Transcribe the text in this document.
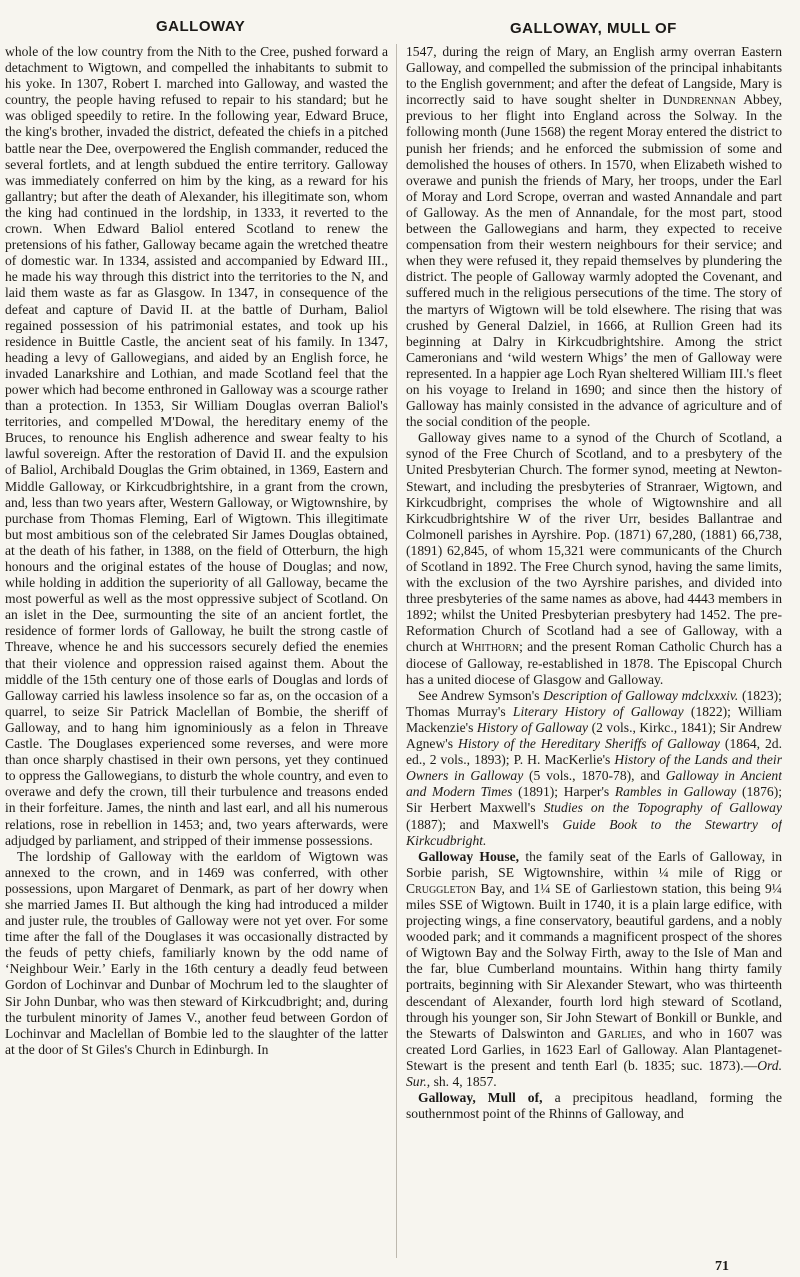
GALLOWAY	GALLOWAY, MULL OF

whole of the low country from the Nith to the Cree, pushed forward a detachment to Wigtown, and compelled the inhabitants to submit to his yoke. In 1307, Robert I. marched into Galloway, and wasted the country, the people having refused to repair to his standard; but he was obliged speedily to retire. In the following year, Edward Bruce, the king's brother, invaded the district, defeated the chiefs in a pitched battle near the Dee, overpowered the English commander, reduced the several fortlets, and at length subdued the entire territory. Galloway was immediately conferred on him by the king, as a reward for his gallantry; but after the death of Alexander, his illegitimate son, whom the king had continued in the lordship, in 1333, it reverted to the crown. When Edward Baliol entered Scotland to renew the pretensions of his father, Galloway became again the wretched theatre of domestic war. In 1334, assisted and accompanied by Edward III., he made his way through this district into the territories to the N, and laid them waste as far as Glasgow. In 1347, in consequence of the defeat and capture of David II. at the battle of Durham, Baliol regained possession of his patrimonial estates, and took up his residence in Buittle Castle, the ancient seat of his family. In 1347, heading a levy of Gallowegians, and aided by an English force, he invaded Lanarkshire and Lothian, and made Scotland feel that the power which had become enthroned in Galloway was a scourge rather than a protection. In 1353, Sir William Douglas overran Baliol's territories, and compelled M'Dowal, the hereditary enemy of the Bruces, to renounce his English adherence and swear fealty to his lawful sovereign. After the restoration of David II. and the expulsion of Baliol, Archibald Douglas the Grim obtained, in 1369, Eastern and Middle Galloway, or Kirkcudbrightshire, in a grant from the crown, and, less than two years after, Western Galloway, or Wigtownshire, by purchase from Thomas Fleming, Earl of Wigtown. This illegitimate but most ambitious son of the celebrated Sir James Douglas obtained, at the death of his father, in 1388, on the field of Otterburn, the high honours and the original estates of the house of Douglas; and now, while holding in addition the superiority of all Galloway, became the most powerful as well as the most oppressive subject of Scotland. On an islet in the Dee, surmounting the site of an ancient fortlet, the residence of former lords of Galloway, he built the strong castle of Threave, whence he and his successors securely defied the enemies that their violence and oppression raised against them. About the middle of the 15th century one of those earls of Douglas and lords of Galloway carried his lawless insolence so far as, on the occasion of a quarrel, to seize Sir Patrick Maclellan of Bombie, the sheriff of Galloway, and to hang him ignominiously as a felon in Threave Castle. The Douglases experienced some reverses, and were more than once sharply chastised in their own persons, yet they continued to oppress the Gallowegians, to disturb the whole country, and even to overawe and defy the crown, till their turbulence and treasons ended in their forfeiture. James, the ninth and last earl, and all his numerous relations, rose in rebellion in 1453; and, two years afterwards, were adjudged by parliament, and stripped of their immense possessions.

The lordship of Galloway with the earldom of Wigtown was annexed to the crown, and in 1469 was conferred, with other possessions, upon Margaret of Denmark, as part of her dowry when she married James II. But although the king had introduced a milder and juster rule, the troubles of Galloway were not yet over. For some time after the fall of the Douglases it was occasionally distracted by the feuds of petty chiefs, familiarly known by the odd name of ‘Neighbour Weir.’ Early in the 16th century a deadly feud between Gordon of Lochinvar and Dunbar of Mochrum led to the slaughter of Sir John Dunbar, who was then steward of Kirkcudbright; and, during the turbulent minority of James V., another feud between Gordon of Lochinvar and Maclellan of Bombie led to the slaughter of the latter at the door of St Giles's Church in Edinburgh. In

1547, during the reign of Mary, an English army overran Eastern Galloway, and compelled the submission of the principal inhabitants to the English government; and after the defeat of Langside, Mary is incorrectly said to have sought shelter in Dundrennan Abbey, previous to her flight into England across the Solway. In the following month (June 1568) the regent Moray entered the district to punish her friends; and he enforced the submission of some and demolished the houses of others. In 1570, when Elizabeth wished to overawe and punish the friends of Mary, her troops, under the Earl of Moray and Lord Scrope, overran and wasted Annandale and part of Galloway. As the men of Annandale, for the most part, stood between the Gallowegians and harm, they expected to receive compensation from their western neighbours for their service; and when they were refused it, they repaid themselves by plundering the district. The people of Galloway warmly adopted the Covenant, and suffered much in the religious persecutions of the time. The story of the martyrs of Wigtown will be told elsewhere. The rising that was crushed by General Dalziel, in 1666, at Rullion Green had its beginning at Dalry in Kirkcudbrightshire. Among the strict Cameronians and ‘wild western Whigs’ the men of Galloway were represented. In a happier age Loch Ryan sheltered William III.'s fleet on his voyage to Ireland in 1690; and since then the history of Galloway has mainly consisted in the advance of agriculture and of the social condition of the people.

Galloway gives name to a synod of the Church of Scotland, a synod of the Free Church of Scotland, and to a presbytery of the United Presbyterian Church. The former synod, meeting at Newton-Stewart, and including the presbyteries of Stranraer, Wigtown, and Kirkcudbright, comprises the whole of Wigtownshire and all Kirkcudbrightshire W of the river Urr, besides Ballantrae and Colmonell parishes in Ayrshire. Pop. (1871) 67,280, (1881) 66,738, (1891) 62,845, of whom 15,321 were communicants of the Church of Scotland in 1892. The Free Church synod, having the same limits, with the exclusion of the two Ayrshire parishes, and divided into three presbyteries of the same names as above, had 4443 members in 1892; whilst the United Presbyterian presbytery had 1452. The pre-Reformation Church of Scotland had a see of Galloway, with a church at Whithorn; and the present Roman Catholic Church has a diocese of Galloway, re-established in 1878. The Episcopal Church has a united diocese of Glasgow and Galloway.

See Andrew Symson's Description of Galloway mdclxxxiv. (1823); Thomas Murray's Literary History of Galloway (1822); William Mackenzie's History of Galloway (2 vols., Kirkc., 1841); Sir Andrew Agnew's History of the Hereditary Sheriffs of Galloway (1864, 2d. ed., 2 vols., 1893); P. H. MacKerlie's History of the Lands and their Owners in Galloway (5 vols., 1870-78), and Galloway in Ancient and Modern Times (1891); Harper's Rambles in Galloway (1876); Sir Herbert Maxwell's Studies on the Topography of Galloway (1887); and Maxwell's Guide Book to the Stewartry of Kirkcudbright.

Galloway House, the family seat of the Earls of Galloway, in Sorbie parish, SE Wigtownshire, within ¼ mile of Rigg or Cruggleton Bay, and 1¼ SE of Garliestown station, this being 9¼ miles SSE of Wigtown. Built in 1740, it is a plain large edifice, with projecting wings, a fine conservatory, beautiful gardens, and a nobly wooded park; and it commands a magnificent prospect of the shores of Wigtown Bay and the Solway Firth, away to the Isle of Man and the far, blue Cumberland mountains. Within hang thirty family portraits, beginning with Sir Alexander Stewart, who was thirteenth descendant of Alexander, fourth lord high steward of Scotland, through his younger son, Sir John Stewart of Bonkill or Bunkle, and the Stewarts of Dalswinton and Garlies, and who in 1607 was created Lord Garlies, in 1623 Earl of Galloway. Alan Plantagenet-Stewart is the present and tenth Earl (b. 1835; suc. 1873).—Ord. Sur., sh. 4, 1857.

Galloway, Mull of, a precipitous headland, forming the southernmost point of the Rhinns of Galloway, and

71
